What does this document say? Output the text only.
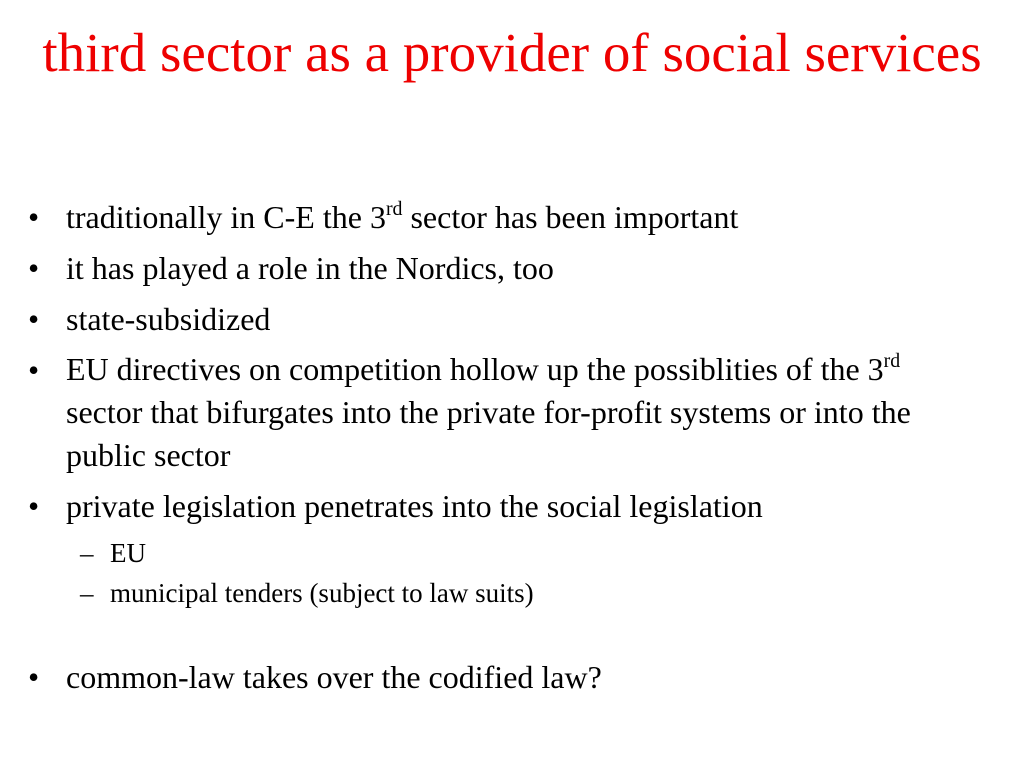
third sector as a provider of social services
• traditionally in C-E the 3rd sector has been important
• it has played a role in the Nordics, too
• state-subsidized
• EU directives on competition hollow up the possiblities of the 3rd sector that bifurgates into the private for-profit systems or into the public sector
• private legislation penetrates into the social legislation
– EU
– municipal tenders (subject to law suits)
• common-law takes over the codified law?
